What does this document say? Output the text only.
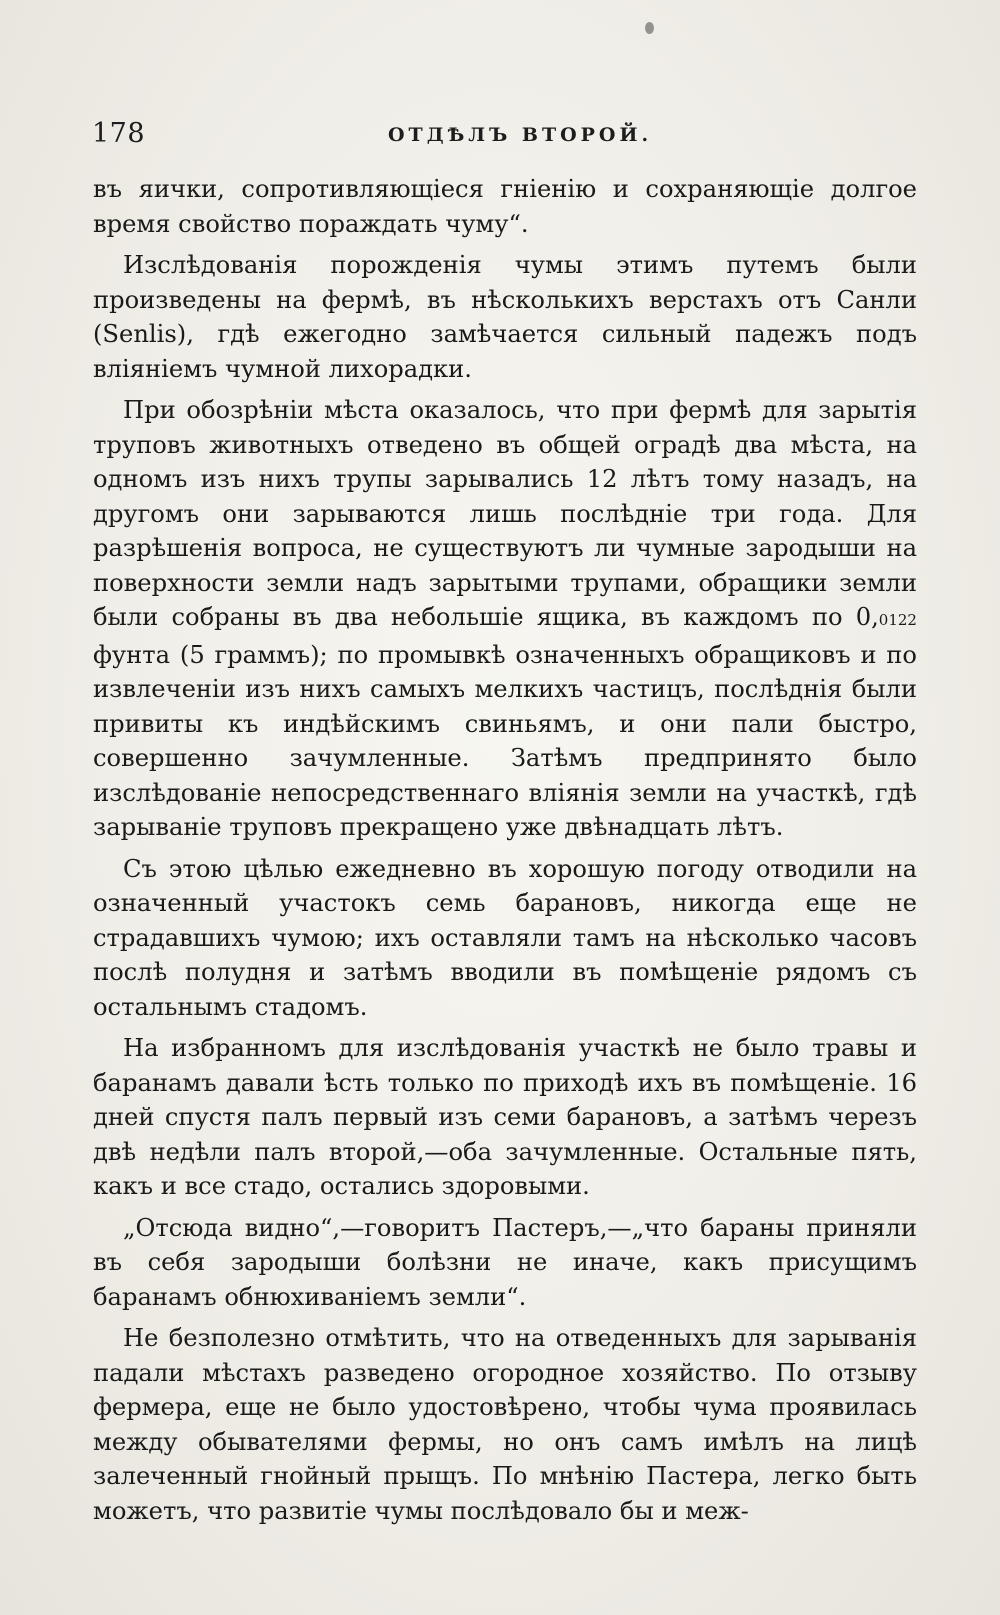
178	ОТДѢЛЪ ВТОРОЙ.

въ яички, сопротивляющіеся гніенію и сохраняющіе долгое время свойство пораждать чуму“.

Изслѣдованія порожденія чумы этимъ путемъ были произведены на фермѣ, въ нѣсколькихъ верстахъ отъ Санли (Senlis), гдѣ ежегодно замѣчается сильный падежъ подъ вліяніемъ чумной лихорадки.

При обозрѣніи мѣста оказалось, что при фермѣ для зарытія труповъ животныхъ отведено въ общей оградѣ два мѣста, на одномъ изъ нихъ трупы зарывались 12 лѣтъ тому назадъ, на другомъ они зарываются лишь послѣдніе три года. Для разрѣшенія вопроса, не существуютъ ли чумные зародыши на поверхности земли надъ зарытыми трупами, обращики земли были собраны въ два небольшіе ящика, въ каждомъ по 0,0122 фунта (5 граммъ); по промывкѣ означенныхъ обращиковъ и по извлеченіи изъ нихъ самыхъ мелкихъ частицъ, послѣднія были привиты къ индѣйскимъ свиньямъ, и они пали быстро, совершенно зачумленные. Затѣмъ предпринято было изслѣдованіе непосредственнаго вліянія земли на участкѣ, гдѣ зарываніе труповъ прекращено уже двѣнадцать лѣтъ.

Съ этою цѣлью ежедневно въ хорошую погоду отводили на означенный участокъ семь барановъ, никогда еще не страдавшихъ чумою; ихъ оставляли тамъ на нѣсколько часовъ послѣ полудня и затѣмъ вводили въ помѣщеніе рядомъ съ остальнымъ стадомъ.

На избранномъ для изслѣдованія участкѣ не было травы и баранамъ давали ѣсть только по приходѣ ихъ въ помѣщеніе. 16 дней спустя палъ первый изъ семи барановъ, а затѣмъ черезъ двѣ недѣли палъ второй,—оба зачумленные. Остальные пять, какъ и все стадо, остались здоровыми.

„Отсюда видно“,—говоритъ Пастеръ,—„что бараны приняли въ себя зародыши болѣзни не иначе, какъ присущимъ баранамъ обнюхиваніемъ земли“.

Не безполезно отмѣтить, что на отведенныхъ для зарыванія падали мѣстахъ разведено огородное хозяйство. По отзыву фермера, еще не было удостовѣрено, чтобы чума проявилась между обывателями фермы, но онъ самъ имѣлъ на лицѣ залеченный гнойный прыщъ. По мнѣнію Пастера, легко быть можетъ, что развитіе чумы послѣдовало бы и меж-
